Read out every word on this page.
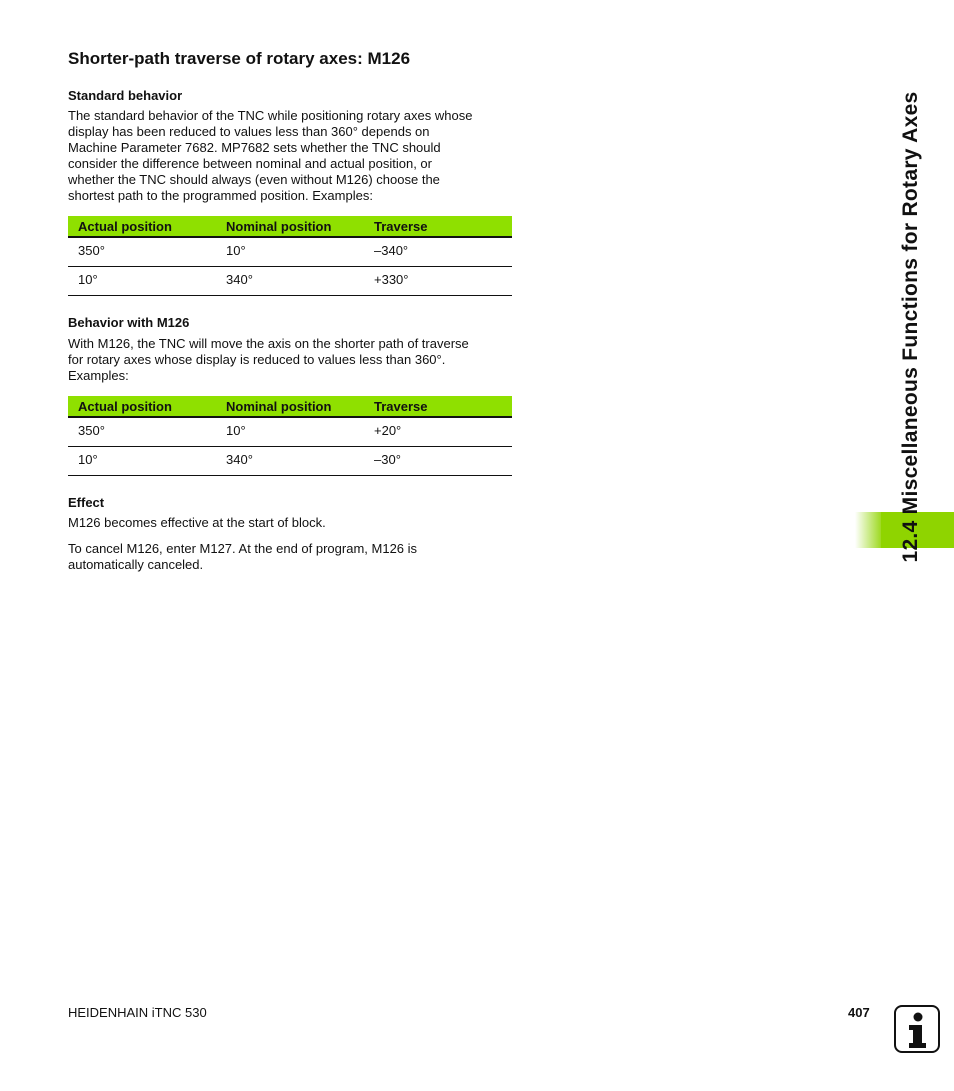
Shorter-path traverse of rotary axes: M126
Standard behavior

The standard behavior of the TNC while positioning rotary axes whose
display has been reduced to values less than 360° depends on
Machine Parameter 7682. MP7682 sets whether the TNC should
consider the difference between nominal and actual position, or
whether the TNC should always (even without M126) choose the
shortest path to the programmed position. Examples:

Actual position	Nominal position	Traverse
350°	10°	–340°
10°	340°	+330°
Behavior with M126

With M126, the TNC will move the axis on the shorter path of traverse
for rotary axes whose display is reduced to values less than 360°.
Examples:

Actual position	Nominal position	Traverse
350°	10°	+20°
10°	340°	–30°
Effect

M126 becomes effective at the start of block.

To cancel M126, enter M127. At the end of program, M126 is
automatically canceled.

12.4 Miscellaneous Functions for Rotary Axes
HEIDENHAIN iTNC 530	407
